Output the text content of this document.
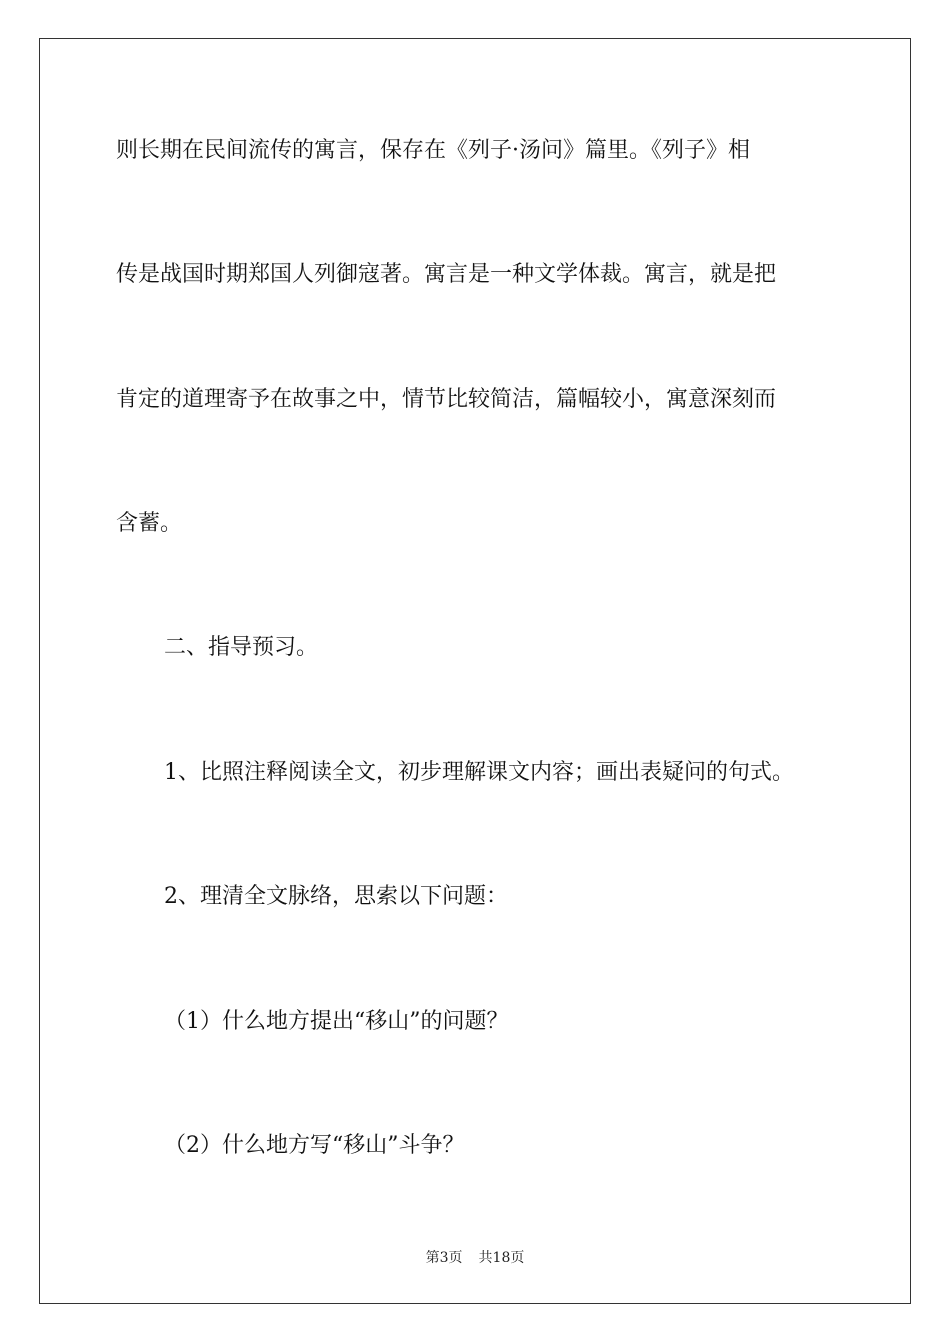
则长期在民间流传的寓言，保存在《列子·汤问》篇里。《列子》相
传是战国时期郑国人列御寇著。寓言是一种文学体裁。寓言，就是把
肯定的道理寄予在故事之中，情节比较简洁，篇幅较小，寓意深刻而
含蓄。
二、指导预习。
1、比照注释阅读全文，初步理解课文内容；画出表疑问的句式。
2、理清全文脉络，思索以下问题：
（1）什么地方提出“移山”的问题？
（2）什么地方写“移山”斗争？
第3页 共18页
